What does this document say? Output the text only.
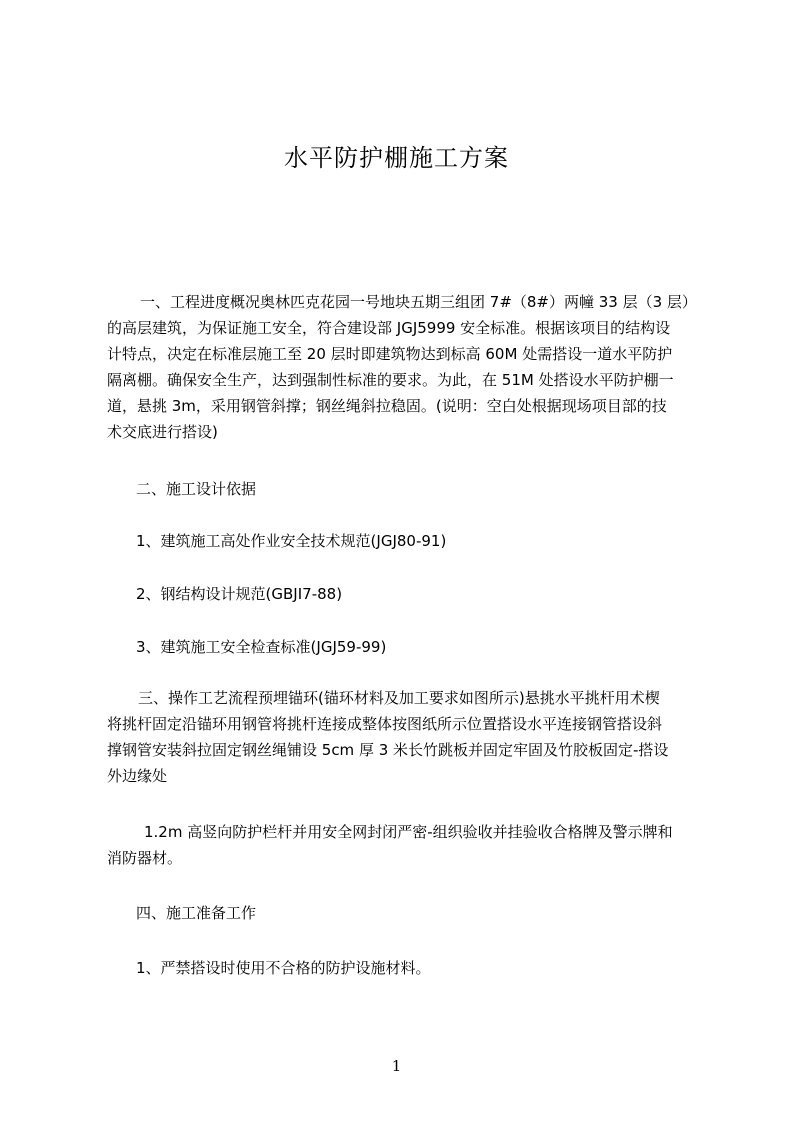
水平防护棚施工方案
一、工程进度概况奥林匹克花园一号地块五期三组团 7#（8#）两幢 33 层（3 层）
的高层建筑，为保证施工安全，符合建设部 JGJ5999 安全标准。根据该项目的结构设
计特点，决定在标准层施工至 20 层时即建筑物达到标高 60M 处需搭设一道水平防护
隔离棚。确保安全生产，达到强制性标准的要求。为此，在 51M 处搭设水平防护棚一
道，悬挑 3m，采用钢管斜撑；钢丝绳斜拉稳固。(说明：空白处根据现场项目部的技
术交底进行搭设)
二、施工设计依据
1、建筑施工高处作业安全技术规范(JGJ80-91)
2、钢结构设计规范(GBJI7-88)
3、建筑施工安全检查标准(JGJ59-99)
三、操作工艺流程预埋锚环(锚环材料及加工要求如图所示)悬挑水平挑杆用术楔
将挑杆固定沿锚环用钢管将挑杆连接成整体按图纸所示位置搭设水平连接钢管搭设斜
撑钢管安装斜拉固定钢丝绳铺设 5cm 厚 3 米长竹跳板并固定牢固及竹胶板固定-搭设
外边缘处
1.2m 高竖向防护栏杆并用安全网封闭严密-组织验收并挂验收合格牌及警示牌和
消防器材。
四、施工准备工作
1、严禁搭设时使用不合格的防护设施材料。
1
